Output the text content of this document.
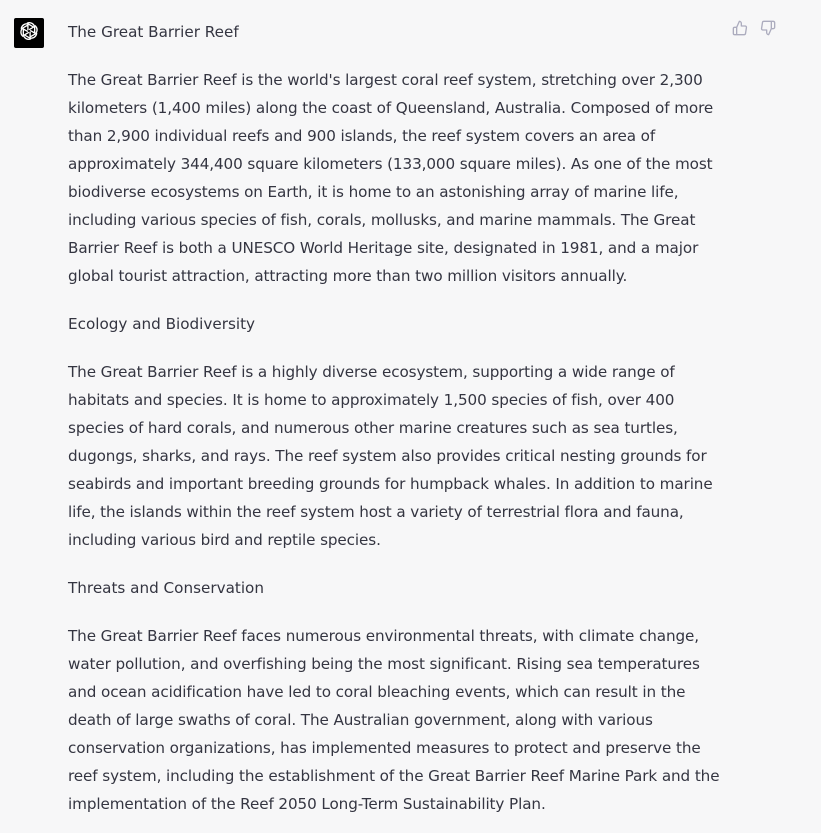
The Great Barrier Reef

The Great Barrier Reef is the world's largest coral reef system, stretching over 2,300 kilometers (1,400 miles) along the coast of Queensland, Australia. Composed of more than 2,900 individual reefs and 900 islands, the reef system covers an area of approximately 344,400 square kilometers (133,000 square miles). As one of the most biodiverse ecosystems on Earth, it is home to an astonishing array of marine life, including various species of fish, corals, mollusks, and marine mammals. The Great Barrier Reef is both a UNESCO World Heritage site, designated in 1981, and a major global tourist attraction, attracting more than two million visitors annually.

Ecology and Biodiversity

The Great Barrier Reef is a highly diverse ecosystem, supporting a wide range of habitats and species. It is home to approximately 1,500 species of fish, over 400 species of hard corals, and numerous other marine creatures such as sea turtles, dugongs, sharks, and rays. The reef system also provides critical nesting grounds for seabirds and important breeding grounds for humpback whales. In addition to marine life, the islands within the reef system host a variety of terrestrial flora and fauna, including various bird and reptile species.

Threats and Conservation

The Great Barrier Reef faces numerous environmental threats, with climate change, water pollution, and overfishing being the most significant. Rising sea temperatures and ocean acidification have led to coral bleaching events, which can result in the death of large swaths of coral. The Australian government, along with various conservation organizations, has implemented measures to protect and preserve the reef system, including the establishment of the Great Barrier Reef Marine Park and the implementation of the Reef 2050 Long-Term Sustainability Plan.
